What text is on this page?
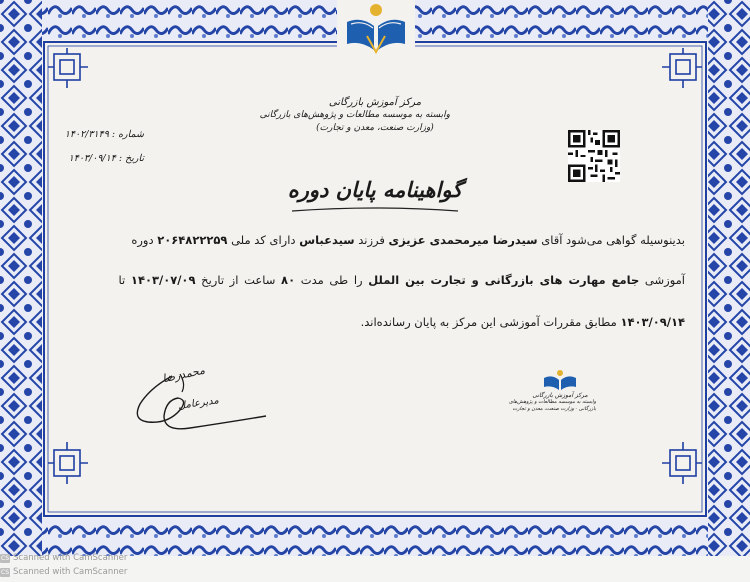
مرکز آموزش بازرگانی
وابسته به موسسه مطالعات و پژوهش‌های بازرگانی
(وزارت صنعت، معدن و تجارت)
شماره : ۱۴۰۲/۳۱۴۹
تاریخ : ۱۴۰۳/۰۹/۱۴
گواهینامه پایان دوره
بدینوسیله گواهی می‌شود آقای سیدرضا میرمحمدی عزیزی فرزند سیدعباس دارای کد ملی ۲۰۶۴۸۲۲۲۵۹ دوره
آموزشی جامع مهارت های بازرگانی و تجارت بین الملل را طی مدت ۸۰ ساعت از تاریخ ۱۴۰۳/۰۷/۰۹ تا
۱۴۰۳/۰۹/۱۴ مطابق مقررات آموزشی این مرکز به پایان رسانده‌اند.
مرکز آموزش بازرگانی
وابسته به موسسه مطالعات و پژوهش‌های
بازرگانی - وزارت صنعت، معدن و تجارت
محمدرضا
مدیرعامل
CS Scanned with CamScanner
CS Scanned with CamScanner
